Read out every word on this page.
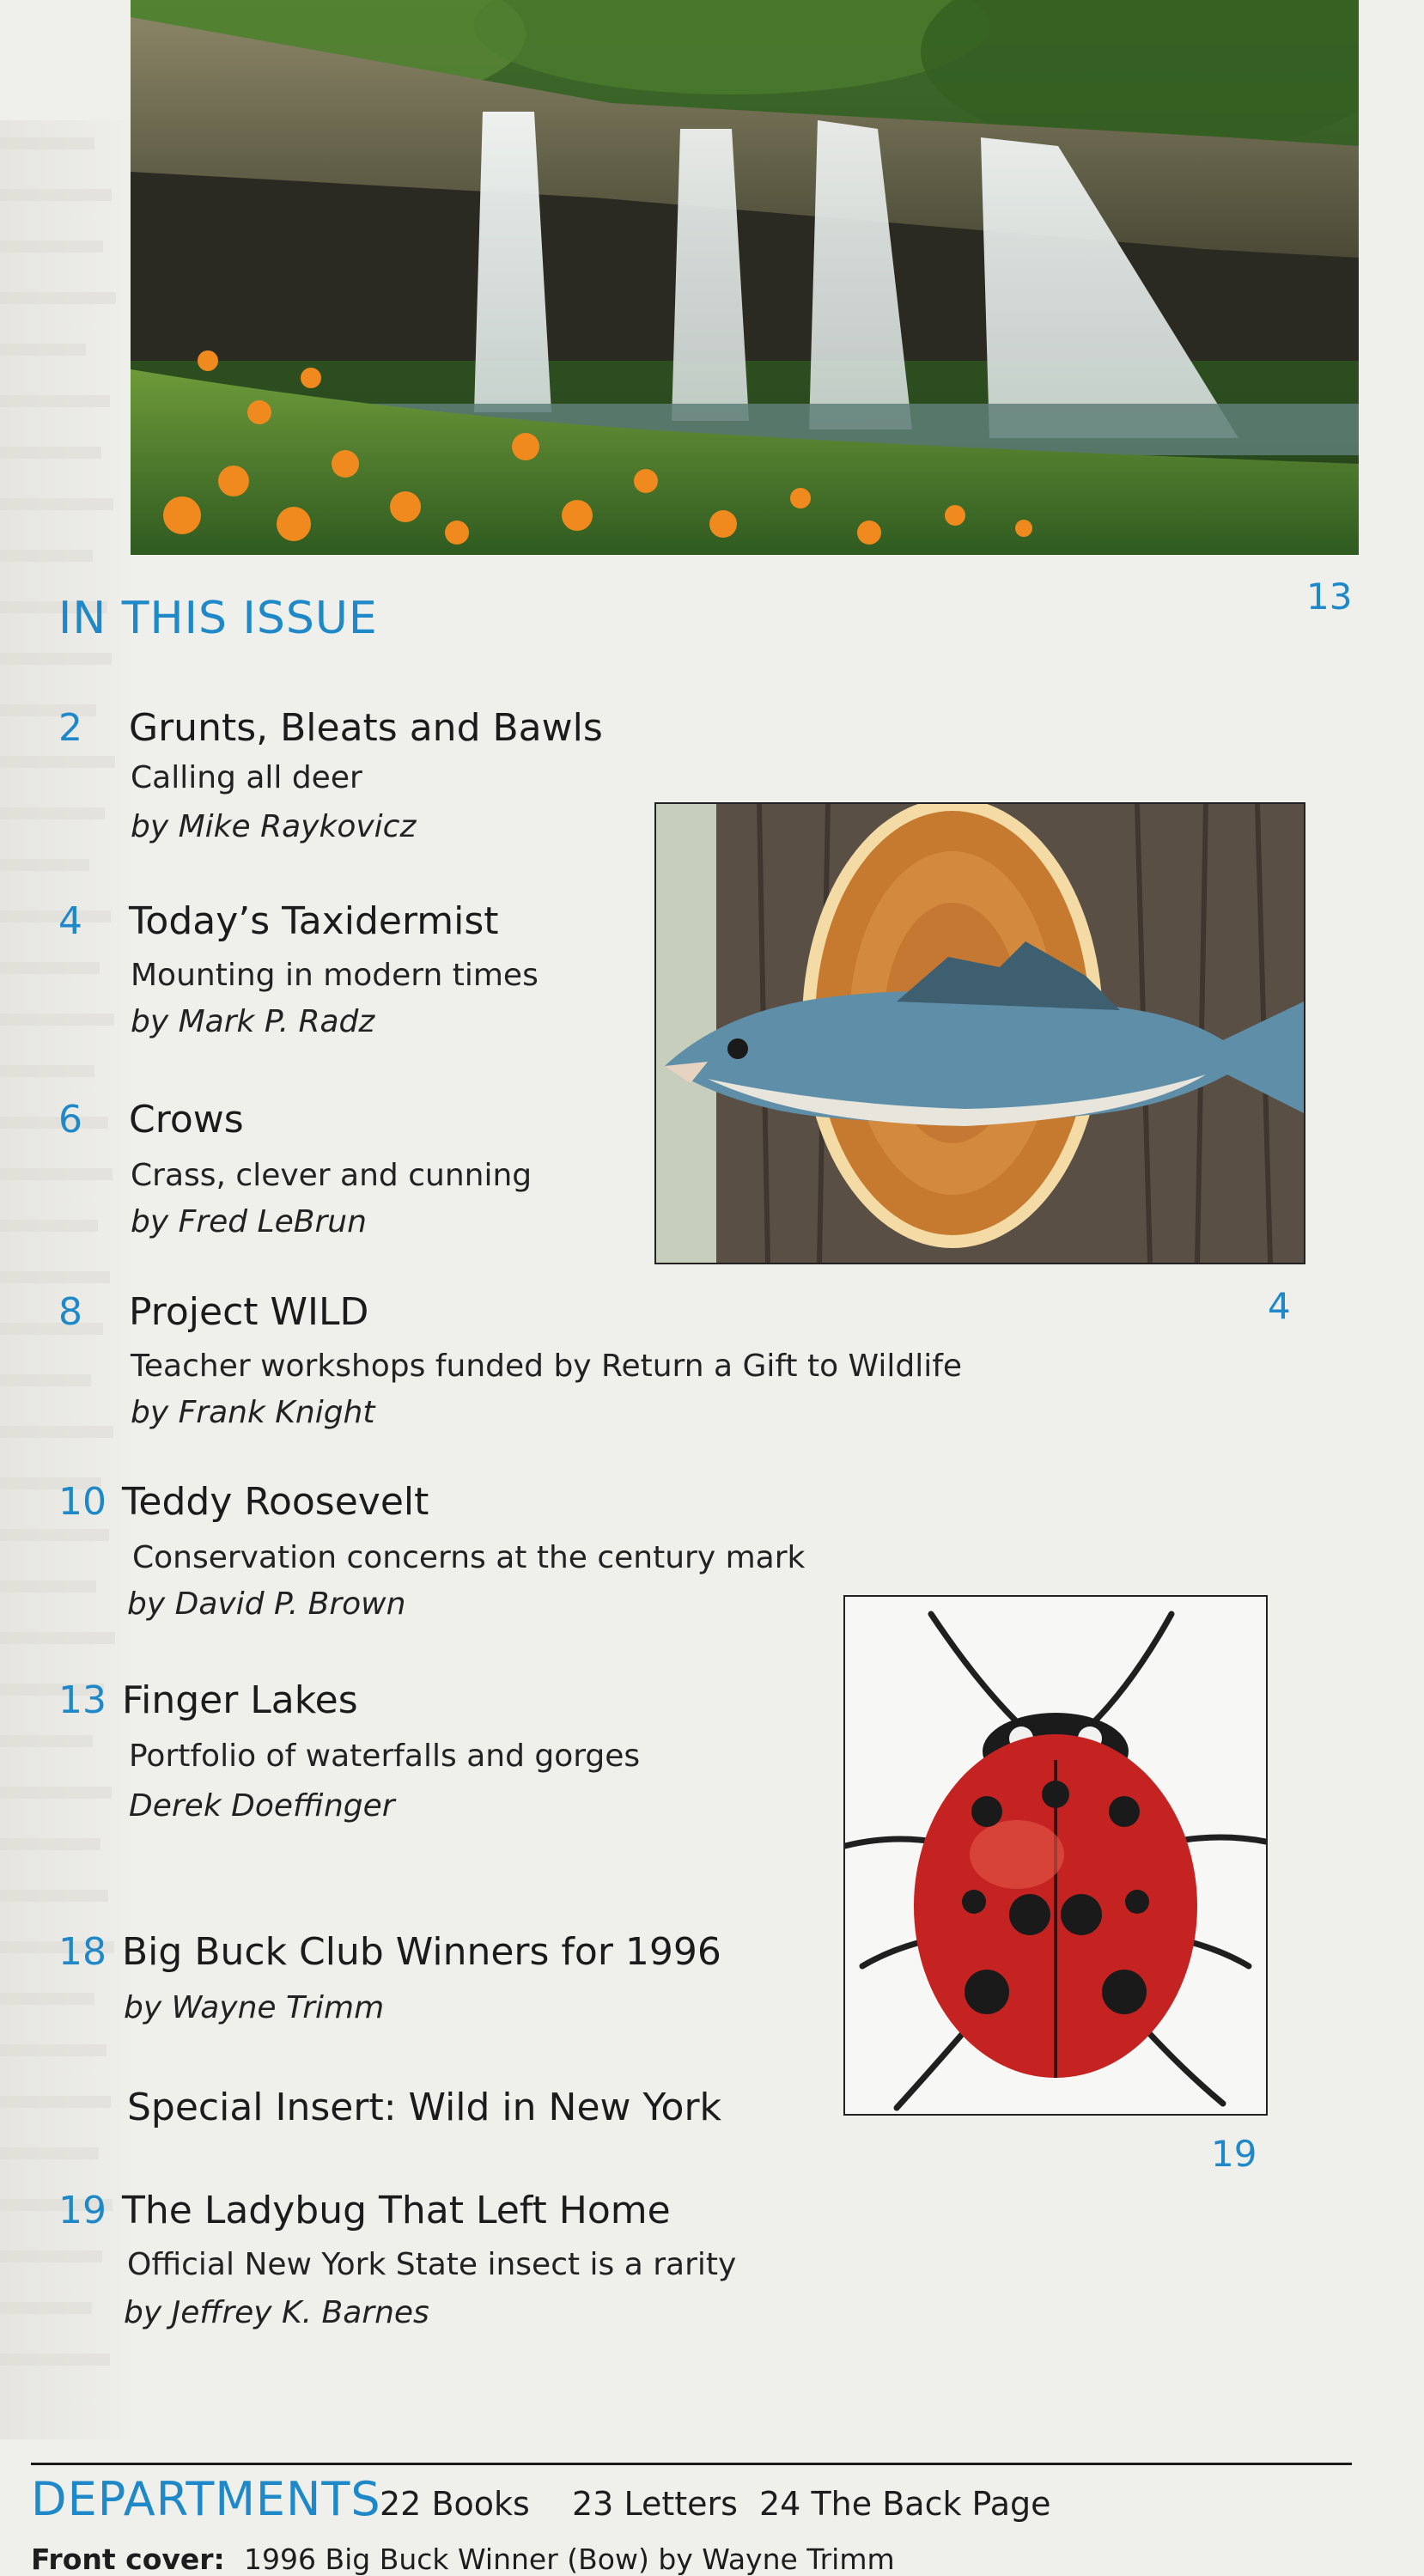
13
4
19
IN THIS ISSUE
2 Grunts, Bleats and Bawls
Calling all deer
by Mike Raykovicz
4 Today’s Taxidermist
Mounting in modern times
by Mark P. Radz
6 Crows
Crass, clever and cunning
by Fred LeBrun
8 Project WILD
Teacher workshops funded by Return a Gift to Wildlife
by Frank Knight
10 Teddy Roosevelt
Conservation concerns at the century mark
by David P. Brown
13 Finger Lakes
Portfolio of waterfalls and gorges
Derek Doeffinger
18 Big Buck Club Winners for 1996
by Wayne Trimm
Special Insert: Wild in New York
19 The Ladybug That Left Home
Official New York State insect is a rarity
by Jeffrey K. Barnes
DEPARTMENTS
22 Books 23 Letters 24 The Back Page
Front cover: 1996 Big Buck Winner (Bow) by Wayne Trimm
